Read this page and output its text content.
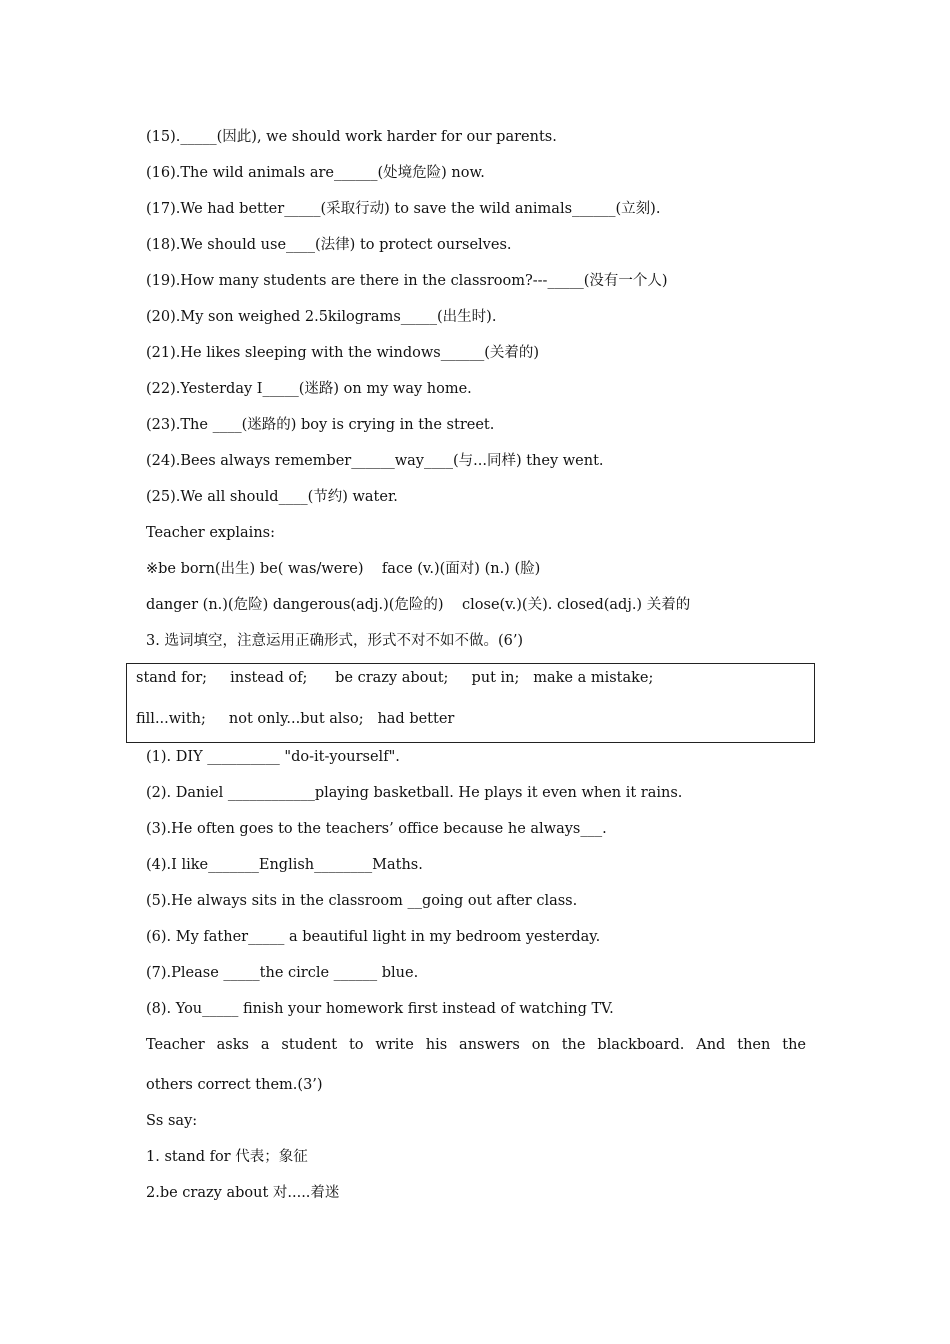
(15)._____(因此), we should work harder for our parents.
(16).The wild animals are______(处境危险) now.
(17).We had better_____(采取行动) to save the wild animals______(立刻).
(18).We should use____(法律) to protect ourselves.
(19).How many students are there in the classroom?---_____(没有一个人)
(20).My son weighed 2.5kilograms_____(出生时).
(21).He likes sleeping with the windows______(关着的)
(22).Yesterday I_____(迷路) on my way home.
(23).The ____(迷路的) boy is crying in the street.
(24).Bees always remember______way____(与...同样) they went.
(25).We all should____(节约) water.
Teacher explains:
※be born(出生) be( was/were)    face (v.)(面对) (n.) (脸)
danger (n.)(危险) dangerous(adj.)(危险的)    close(v.)(关). closed(adj.) 关着的
3. 选词填空，注意运用正确形式，形式不对不如不做。(6’)
stand for;     instead of;      be crazy about;     put in;   make a mistake;
fill...with;     not only...but also;   had better
(1). DIY __________ "do-it-yourself".
(2). Daniel ____________playing basketball. He plays it even when it rains.
(3).He often goes to the teachers’ office because he always___.
(4).I like_______English________Maths.
(5).He always sits in the classroom __going out after class.
(6). My father_____ a beautiful light in my bedroom yesterday.
(7).Please _____the circle ______ blue.
(8). You_____ finish your homework first instead of watching TV.
Teacher asks a student to write his answers on the blackboard. And then the
others correct them.(3’)
Ss say:
1. stand for 代表；象征
2.be crazy about 对.....着迷
